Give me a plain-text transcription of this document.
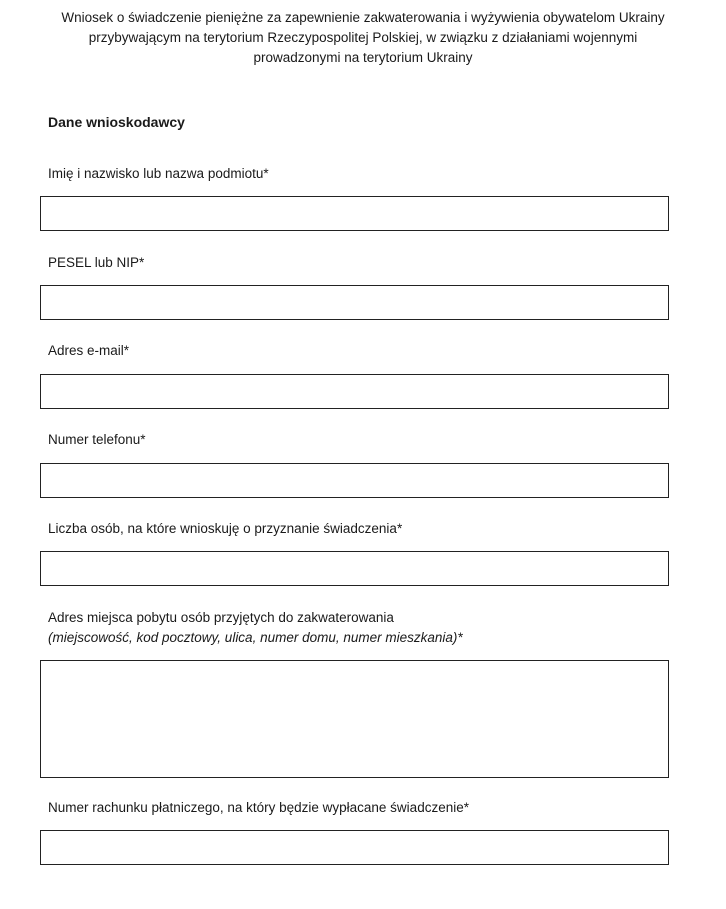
Wniosek o świadczenie pieniężne za zapewnienie zakwaterowania i wyżywienia obywatelom Ukrainy
przybywającym na terytorium Rzeczypospolitej Polskiej, w związku z działaniami wojennymi
prowadzonymi na terytorium Ukrainy
Dane wnioskodawcy
Imię i nazwisko lub nazwa podmiotu*
PESEL lub NIP*
Adres e-mail*
Numer telefonu*
Liczba osób, na które wnioskuję o przyznanie świadczenia*
Adres miejsca pobytu osób przyjętych do zakwaterowania
(miejscowość, kod pocztowy, ulica, numer domu, numer mieszkania)*
Numer rachunku płatniczego, na który będzie wypłacane świadczenie*
